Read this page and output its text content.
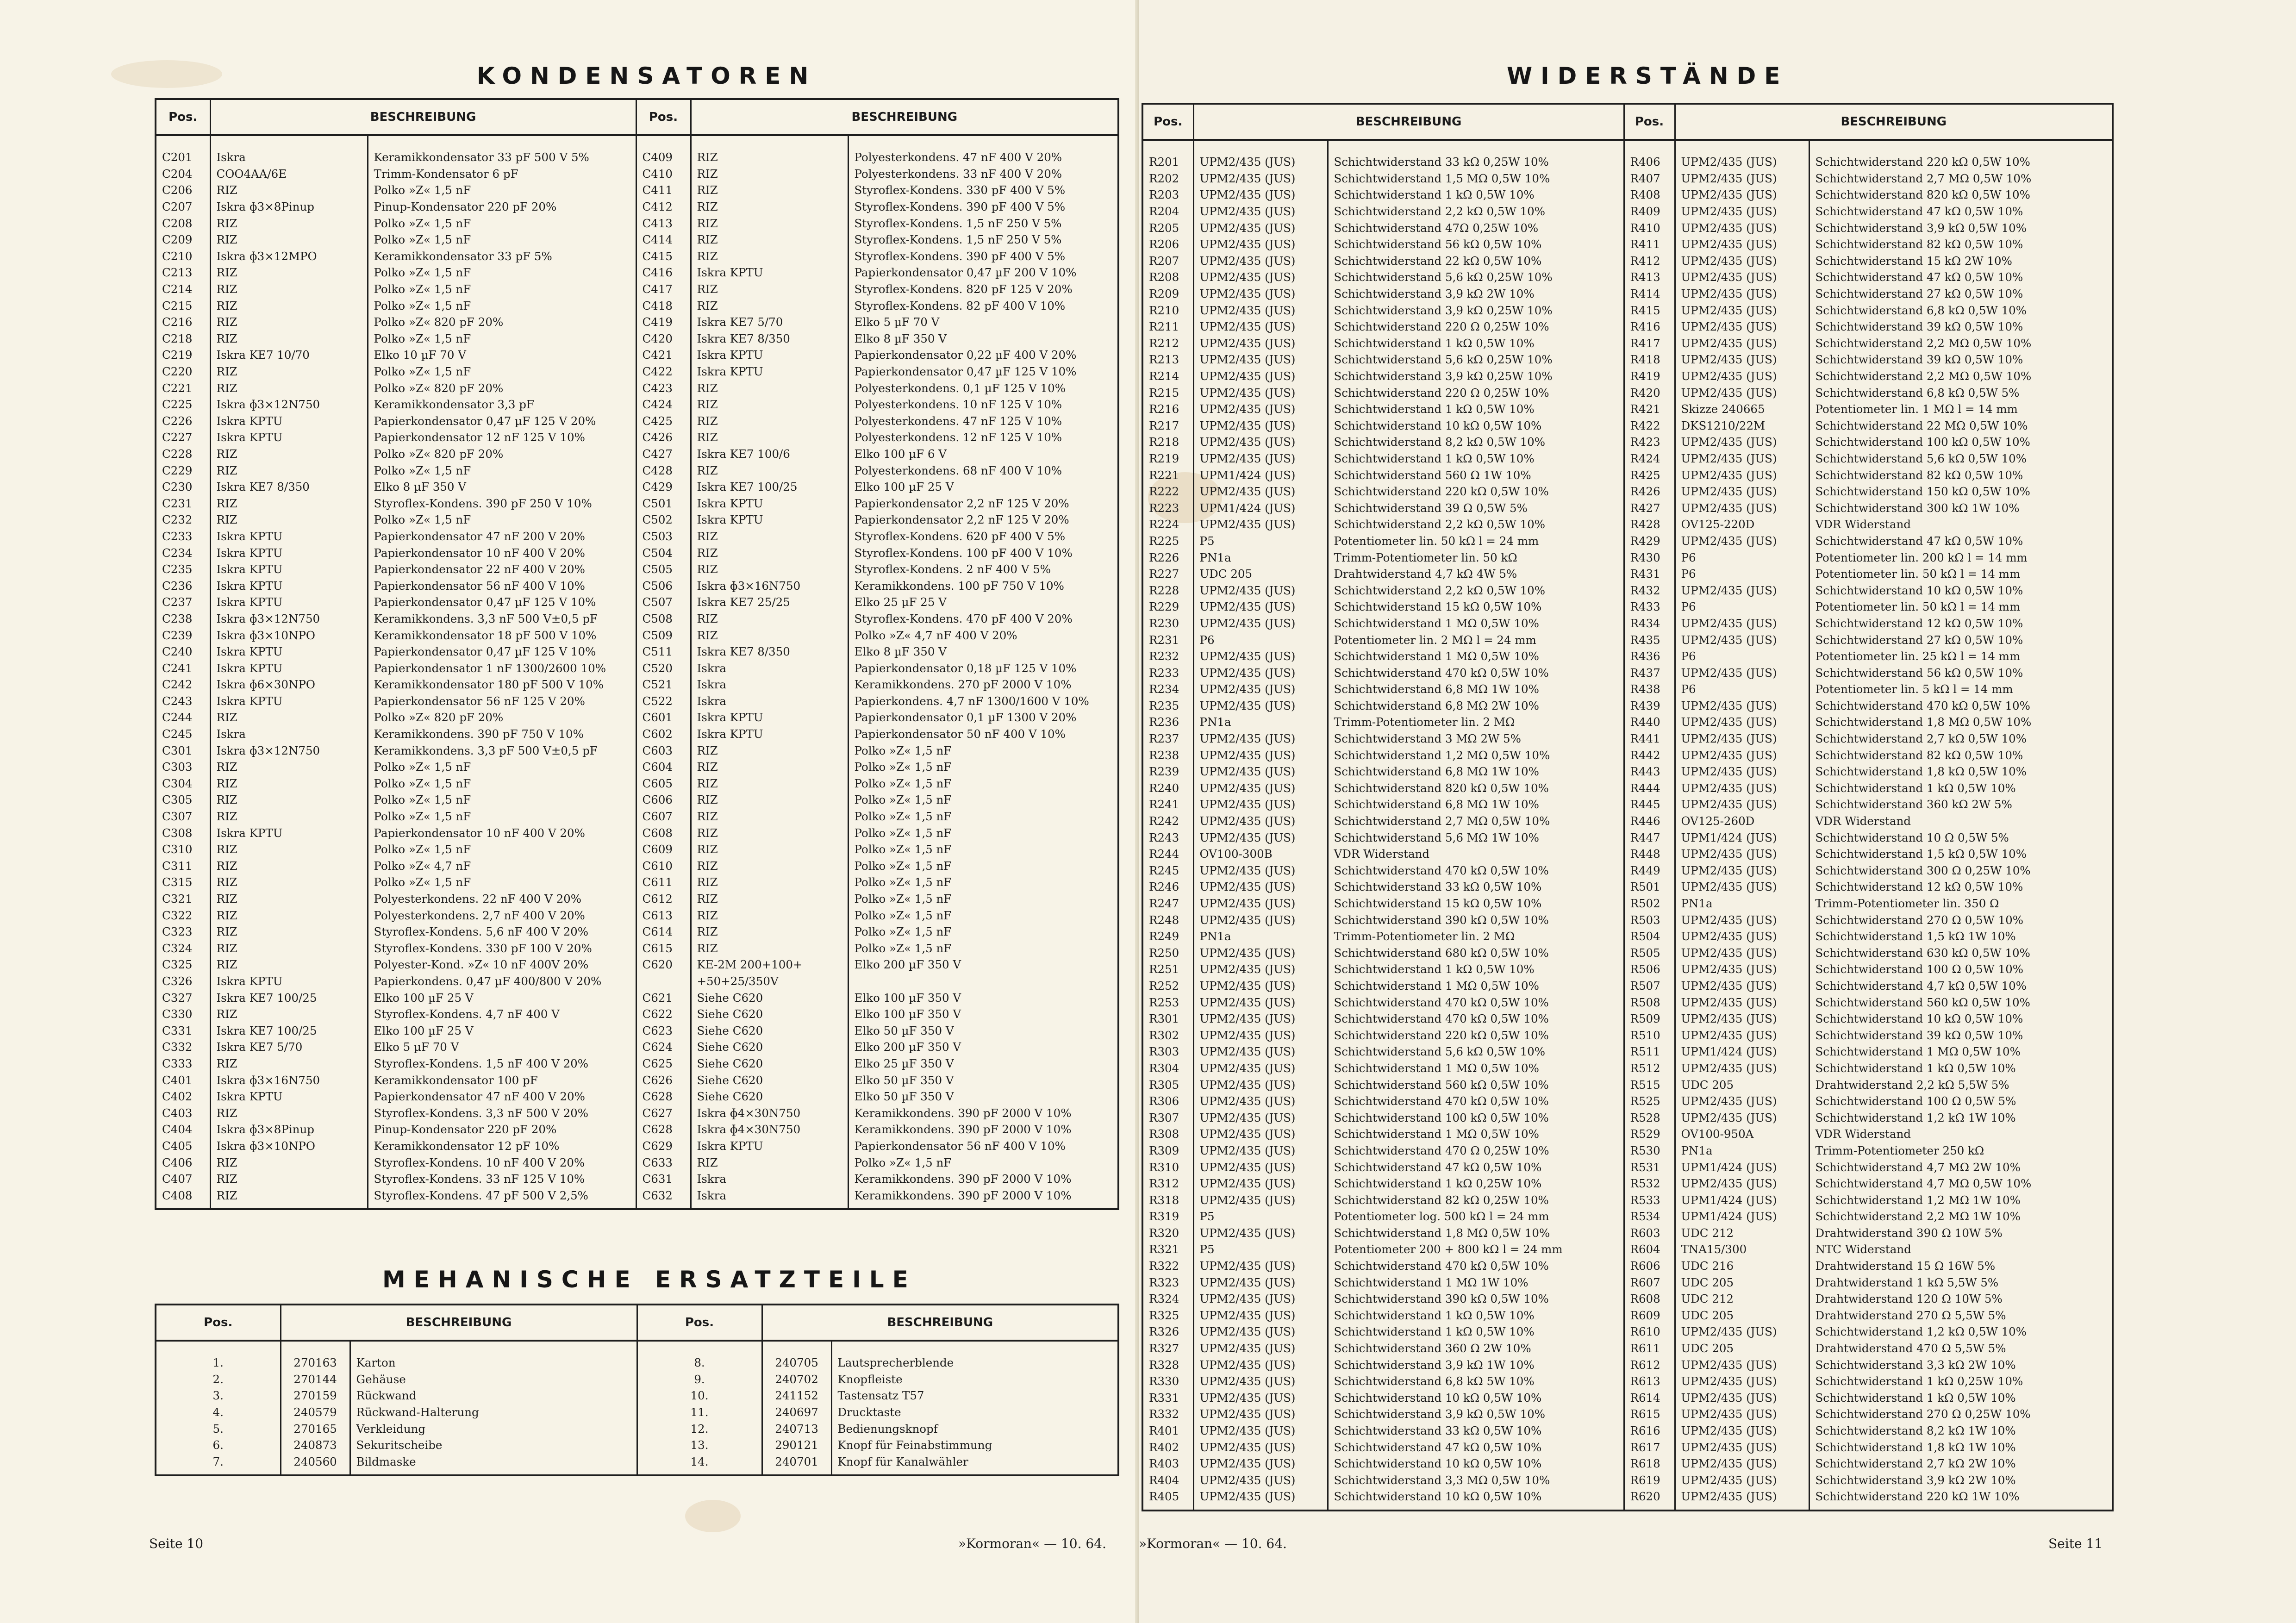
KONDENSATOREN
Pos.	BESCHREIBUNG		Pos.	BESCHREIBUNG	
C201	Iskra	Keramikkondensator 33 pF 500 V 5%	C409	RIZ	Polyesterkondens. 47 nF 400 V 20%
C204	COO4AA/6E	Trimm-Kondensator 6 pF	C410	RIZ	Polyesterkondens. 33 nF 400 V 20%
C206	RIZ	Polko »Z« 1,5 nF	C411	RIZ	Styroflex-Kondens. 330 pF 400 V 5%
C207	Iskra ɸ3×8Pinup	Pinup-Kondensator 220 pF 20%	C412	RIZ	Styroflex-Kondens. 390 pF 400 V 5%
C208	RIZ	Polko »Z« 1,5 nF	C413	RIZ	Styroflex-Kondens. 1,5 nF 250 V 5%
C209	RIZ	Polko »Z« 1,5 nF	C414	RIZ	Styroflex-Kondens. 1,5 nF 250 V 5%
C210	Iskra ɸ3×12MPO	Keramikkondensator 33 pF 5%	C415	RIZ	Styroflex-Kondens. 390 pF 400 V 5%
C213	RIZ	Polko »Z« 1,5 nF	C416	Iskra KPTU	Papierkondensator 0,47 µF 200 V 10%
C214	RIZ	Polko »Z« 1,5 nF	C417	RIZ	Styroflex-Kondens. 820 pF 125 V 20%
C215	RIZ	Polko »Z« 1,5 nF	C418	RIZ	Styroflex-Kondens. 82 pF 400 V 10%
C216	RIZ	Polko »Z« 820 pF 20%	C419	Iskra KE7 5/70	Elko 5 µF 70 V
C218	RIZ	Polko »Z« 1,5 nF	C420	Iskra KE7 8/350	Elko 8 µF 350 V
C219	Iskra KE7 10/70	Elko 10 µF 70 V	C421	Iskra KPTU	Papierkondensator 0,22 µF 400 V 20%
C220	RIZ	Polko »Z« 1,5 nF	C422	Iskra KPTU	Papierkondensator 0,47 µF 125 V 10%
C221	RIZ	Polko »Z« 820 pF 20%	C423	RIZ	Polyesterkondens. 0,1 µF 125 V 10%
C225	Iskra ɸ3×12N750	Keramikkondensator 3,3 pF	C424	RIZ	Polyesterkondens. 10 nF 125 V 10%
C226	Iskra KPTU	Papierkondensator 0,47 µF 125 V 20%	C425	RIZ	Polyesterkondens. 47 nF 125 V 10%
C227	Iskra KPTU	Papierkondensator 12 nF 125 V 10%	C426	RIZ	Polyesterkondens. 12 nF 125 V 10%
C228	RIZ	Polko »Z« 820 pF 20%	C427	Iskra KE7 100/6	Elko 100 µF 6 V
C229	RIZ	Polko »Z« 1,5 nF	C428	RIZ	Polyesterkondens. 68 nF 400 V 10%
C230	Iskra KE7 8/350	Elko 8 µF 350 V	C429	Iskra KE7 100/25	Elko 100 µF 25 V
C231	RIZ	Styroflex-Kondens. 390 pF 250 V 10%	C501	Iskra KPTU	Papierkondensator 2,2 nF 125 V 20%
C232	RIZ	Polko »Z« 1,5 nF	C502	Iskra KPTU	Papierkondensator 2,2 nF 125 V 20%
C233	Iskra KPTU	Papierkondensator 47 nF 200 V 20%	C503	RIZ	Styroflex-Kondens. 620 pF 400 V 5%
C234	Iskra KPTU	Papierkondensator 10 nF 400 V 20%	C504	RIZ	Styroflex-Kondens. 100 pF 400 V 10%
C235	Iskra KPTU	Papierkondensator 22 nF 400 V 20%	C505	RIZ	Styroflex-Kondens. 2 nF 400 V 5%
C236	Iskra KPTU	Papierkondensator 56 nF 400 V 10%	C506	Iskra ɸ3×16N750	Keramikkondens. 100 pF 750 V 10%
C237	Iskra KPTU	Papierkondensator 0,47 µF 125 V 10%	C507	Iskra KE7 25/25	Elko 25 µF 25 V
C238	Iskra ɸ3×12N750	Keramikkondens. 3,3 nF 500 V±0,5 pF	C508	RIZ	Styroflex-Kondens. 470 pF 400 V 20%
C239	Iskra ɸ3×10NPO	Keramikkondensator 18 pF 500 V 10%	C509	RIZ	Polko »Z« 4,7 nF 400 V 20%
C240	Iskra KPTU	Papierkondensator 0,47 µF 125 V 10%	C511	Iskra KE7 8/350	Elko 8 µF 350 V
C241	Iskra KPTU	Papierkondensator 1 nF 1300/2600 10%	C520	Iskra	Papierkondensator 0,18 µF 125 V 10%
C242	Iskra ɸ6×30NPO	Keramikkondensator 180 pF 500 V 10%	C521	Iskra	Keramikkondens. 270 pF 2000 V 10%
C243	Iskra KPTU	Papierkondensator 56 nF 125 V 20%	C522	Iskra	Papierkondens. 4,7 nF 1300/1600 V 10%
C244	RIZ	Polko »Z« 820 pF 20%	C601	Iskra KPTU	Papierkondensator 0,1 µF 1300 V 20%
C245	Iskra	Keramikkondens. 390 pF 750 V 10%	C602	Iskra KPTU	Papierkondensator 50 nF 400 V 10%
C301	Iskra ɸ3×12N750	Keramikkondens. 3,3 pF 500 V±0,5 pF	C603	RIZ	Polko »Z« 1,5 nF
C303	RIZ	Polko »Z« 1,5 nF	C604	RIZ	Polko »Z« 1,5 nF
C304	RIZ	Polko »Z« 1,5 nF	C605	RIZ	Polko »Z« 1,5 nF
C305	RIZ	Polko »Z« 1,5 nF	C606	RIZ	Polko »Z« 1,5 nF
C307	RIZ	Polko »Z« 1,5 nF	C607	RIZ	Polko »Z« 1,5 nF
C308	Iskra KPTU	Papierkondensator 10 nF 400 V 20%	C608	RIZ	Polko »Z« 1,5 nF
C310	RIZ	Polko »Z« 1,5 nF	C609	RIZ	Polko »Z« 1,5 nF
C311	RIZ	Polko »Z« 4,7 nF	C610	RIZ	Polko »Z« 1,5 nF
C315	RIZ	Polko »Z« 1,5 nF	C611	RIZ	Polko »Z« 1,5 nF
C321	RIZ	Polyesterkondens. 22 nF 400 V 20%	C612	RIZ	Polko »Z« 1,5 nF
C322	RIZ	Polyesterkondens. 2,7 nF 400 V 20%	C613	RIZ	Polko »Z« 1,5 nF
C323	RIZ	Styroflex-Kondens. 5,6 nF 400 V 20%	C614	RIZ	Polko »Z« 1,5 nF
C324	RIZ	Styroflex-Kondens. 330 pF 100 V 20%	C615	RIZ	Polko »Z« 1,5 nF
C325	RIZ	Polyester-Kond. »Z« 10 nF 400V 20%	C620	KE-2M 200+100+	Elko 200 µF 350 V
C326	Iskra KPTU	Papierkondens. 0,47 µF 400/800 V 20%		+50+25/350V	
C327	Iskra KE7 100/25	Elko 100 µF 25 V	C621	Siehe C620	Elko 100 µF 350 V
C330	RIZ	Styroflex-Kondens. 4,7 nF 400 V	C622	Siehe C620	Elko 100 µF 350 V
C331	Iskra KE7 100/25	Elko 100 µF 25 V	C623	Siehe C620	Elko 50 µF 350 V
C332	Iskra KE7 5/70	Elko 5 µF 70 V	C624	Siehe C620	Elko 200 µF 350 V
C333	RIZ	Styroflex-Kondens. 1,5 nF 400 V 20%	C625	Siehe C620	Elko 25 µF 350 V
C401	Iskra ɸ3×16N750	Keramikkondensator 100 pF	C626	Siehe C620	Elko 50 µF 350 V
C402	Iskra KPTU	Papierkondensator 47 nF 400 V 20%	C628	Siehe C620	Elko 50 µF 350 V
C403	RIZ	Styroflex-Kondens. 3,3 nF 500 V 20%	C627	Iskra ɸ4×30N750	Keramikkondens. 390 pF 2000 V 10%
C404	Iskra ɸ3×8Pinup	Pinup-Kondensator 220 pF 20%	C628	Iskra ɸ4×30N750	Keramikkondens. 390 pF 2000 V 10%
C405	Iskra ɸ3×10NPO	Keramikkondensator 12 pF 10%	C629	Iskra KPTU	Papierkondensator 56 nF 400 V 10%
C406	RIZ	Styroflex-Kondens. 10 nF 400 V 20%	C633	RIZ	Polko »Z« 1,5 nF
C407	RIZ	Styroflex-Kondens. 33 nF 125 V 10%	C631	Iskra	Keramikkondens. 390 pF 2000 V 10%
C408	RIZ	Styroflex-Kondens. 47 pF 500 V 2,5%	C632	Iskra	Keramikkondens. 390 pF 2000 V 10%
MEHANISCHE ERSATZTEILE
Pos.	BESCHREIBUNG		Pos.	BESCHREIBUNG	
1.	270163	Karton	8.	240705	Lautsprecherblende
2.	270144	Gehäuse	9.	240702	Knopfleiste
3.	270159	Rückwand	10.	241152	Tastensatz T57
4.	240579	Rückwand-Halterung	11.	240697	Drucktaste
5.	270165	Verkleidung	12.	240713	Bedienungsknopf
6.	240873	Sekuritscheibe	13.	290121	Knopf für Feinabstimmung
7.	240560	Bildmaske	14.	240701	Knopf für Kanalwähler
Seite 10	»Kormoran« — 10. 64.
WIDERSTÄNDE
Pos.	BESCHREIBUNG		Pos.	BESCHREIBUNG	
R201	UPM2/435 (JUS)	Schichtwiderstand 33 kΩ 0,25W 10%	R406	UPM2/435 (JUS)	Schichtwiderstand 220 kΩ 0,5W 10%
R202	UPM2/435 (JUS)	Schichtwiderstand 1,5 MΩ 0,5W 10%	R407	UPM2/435 (JUS)	Schichtwiderstand 2,7 MΩ 0,5W 10%
R203	UPM2/435 (JUS)	Schichtwiderstand 1 kΩ 0,5W 10%	R408	UPM2/435 (JUS)	Schichtwiderstand 820 kΩ 0,5W 10%
R204	UPM2/435 (JUS)	Schichtwiderstand 2,2 kΩ 0,5W 10%	R409	UPM2/435 (JUS)	Schichtwiderstand 47 kΩ 0,5W 10%
R205	UPM2/435 (JUS)	Schichtwiderstand 47Ω 0,25W 10%	R410	UPM2/435 (JUS)	Schichtwiderstand 3,9 kΩ 0,5W 10%
R206	UPM2/435 (JUS)	Schichtwiderstand 56 kΩ 0,5W 10%	R411	UPM2/435 (JUS)	Schichtwiderstand 82 kΩ 0,5W 10%
R207	UPM2/435 (JUS)	Schichtwiderstand 22 kΩ 0,5W 10%	R412	UPM2/435 (JUS)	Schichtwiderstand 15 kΩ 2W 10%
R208	UPM2/435 (JUS)	Schichtwiderstand 5,6 kΩ 0,25W 10%	R413	UPM2/435 (JUS)	Schichtwiderstand 47 kΩ 0,5W 10%
R209	UPM2/435 (JUS)	Schichtwiderstand 3,9 kΩ 2W 10%	R414	UPM2/435 (JUS)	Schichtwiderstand 27 kΩ 0,5W 10%
R210	UPM2/435 (JUS)	Schichtwiderstand 3,9 kΩ 0,25W 10%	R415	UPM2/435 (JUS)	Schichtwiderstand 6,8 kΩ 0,5W 10%
R211	UPM2/435 (JUS)	Schichtwiderstand 220 Ω 0,25W 10%	R416	UPM2/435 (JUS)	Schichtwiderstand 39 kΩ 0,5W 10%
R212	UPM2/435 (JUS)	Schichtwiderstand 1 kΩ 0,5W 10%	R417	UPM2/435 (JUS)	Schichtwiderstand 2,2 MΩ 0,5W 10%
R213	UPM2/435 (JUS)	Schichtwiderstand 5,6 kΩ 0,25W 10%	R418	UPM2/435 (JUS)	Schichtwiderstand 39 kΩ 0,5W 10%
R214	UPM2/435 (JUS)	Schichtwiderstand 3,9 kΩ 0,25W 10%	R419	UPM2/435 (JUS)	Schichtwiderstand 2,2 MΩ 0,5W 10%
R215	UPM2/435 (JUS)	Schichtwiderstand 220 Ω 0,25W 10%	R420	UPM2/435 (JUS)	Schichtwiderstand 6,8 kΩ 0,5W 5%
R216	UPM2/435 (JUS)	Schichtwiderstand 1 kΩ 0,5W 10%	R421	Skizze 240665	Potentiometer lin. 1 MΩ l = 14 mm
R217	UPM2/435 (JUS)	Schichtwiderstand 10 kΩ 0,5W 10%	R422	DKS1210/22M	Schichtwiderstand 22 MΩ 0,5W 10%
R218	UPM2/435 (JUS)	Schichtwiderstand 8,2 kΩ 0,5W 10%	R423	UPM2/435 (JUS)	Schichtwiderstand 100 kΩ 0,5W 10%
R219	UPM2/435 (JUS)	Schichtwiderstand 1 kΩ 0,5W 10%	R424	UPM2/435 (JUS)	Schichtwiderstand 5,6 kΩ 0,5W 10%
R221	UPM1/424 (JUS)	Schichtwiderstand 560 Ω 1W 10%	R425	UPM2/435 (JUS)	Schichtwiderstand 82 kΩ 0,5W 10%
R222	UPM2/435 (JUS)	Schichtwiderstand 220 kΩ 0,5W 10%	R426	UPM2/435 (JUS)	Schichtwiderstand 150 kΩ 0,5W 10%
R223	UPM1/424 (JUS)	Schichtwiderstand 39 Ω 0,5W 5%	R427	UPM2/435 (JUS)	Schichtwiderstand 300 kΩ 1W 10%
R224	UPM2/435 (JUS)	Schichtwiderstand 2,2 kΩ 0,5W 10%	R428	OV125-220D	VDR Widerstand
R225	P5	Potentiometer lin. 50 kΩ l = 24 mm	R429	UPM2/435 (JUS)	Schichtwiderstand 47 kΩ 0,5W 10%
R226	PN1a	Trimm-Potentiometer lin. 50 kΩ	R430	P6	Potentiometer lin. 200 kΩ l = 14 mm
R227	UDC 205	Drahtwiderstand 4,7 kΩ 4W 5%	R431	P6	Potentiometer lin. 50 kΩ l = 14 mm
R228	UPM2/435 (JUS)	Schichtwiderstand 2,2 kΩ 0,5W 10%	R432	UPM2/435 (JUS)	Schichtwiderstand 10 kΩ 0,5W 10%
R229	UPM2/435 (JUS)	Schichtwiderstand 15 kΩ 0,5W 10%	R433	P6	Potentiometer lin. 50 kΩ l = 14 mm
R230	UPM2/435 (JUS)	Schichtwiderstand 1 MΩ 0,5W 10%	R434	UPM2/435 (JUS)	Schichtwiderstand 12 kΩ 0,5W 10%
R231	P6	Potentiometer lin. 2 MΩ l = 24 mm	R435	UPM2/435 (JUS)	Schichtwiderstand 27 kΩ 0,5W 10%
R232	UPM2/435 (JUS)	Schichtwiderstand 1 MΩ 0,5W 10%	R436	P6	Potentiometer lin. 25 kΩ l = 14 mm
R233	UPM2/435 (JUS)	Schichtwiderstand 470 kΩ 0,5W 10%	R437	UPM2/435 (JUS)	Schichtwiderstand 56 kΩ 0,5W 10%
R234	UPM2/435 (JUS)	Schichtwiderstand 6,8 MΩ 1W 10%	R438	P6	Potentiometer lin. 5 kΩ l = 14 mm
R235	UPM2/435 (JUS)	Schichtwiderstand 6,8 MΩ 2W 10%	R439	UPM2/435 (JUS)	Schichtwiderstand 470 kΩ 0,5W 10%
R236	PN1a	Trimm-Potentiometer lin. 2 MΩ	R440	UPM2/435 (JUS)	Schichtwiderstand 1,8 MΩ 0,5W 10%
R237	UPM2/435 (JUS)	Schichtwiderstand 3 MΩ 2W 5%	R441	UPM2/435 (JUS)	Schichtwiderstand 2,7 kΩ 0,5W 10%
R238	UPM2/435 (JUS)	Schichtwiderstand 1,2 MΩ 0,5W 10%	R442	UPM2/435 (JUS)	Schichtwiderstand 82 kΩ 0,5W 10%
R239	UPM2/435 (JUS)	Schichtwiderstand 6,8 MΩ 1W 10%	R443	UPM2/435 (JUS)	Schichtwiderstand 1,8 kΩ 0,5W 10%
R240	UPM2/435 (JUS)	Schichtwiderstand 820 kΩ 0,5W 10%	R444	UPM2/435 (JUS)	Schichtwiderstand 1 kΩ 0,5W 10%
R241	UPM2/435 (JUS)	Schichtwiderstand 6,8 MΩ 1W 10%	R445	UPM2/435 (JUS)	Schichtwiderstand 360 kΩ 2W 5%
R242	UPM2/435 (JUS)	Schichtwiderstand 2,7 MΩ 0,5W 10%	R446	OV125-260D	VDR Widerstand
R243	UPM2/435 (JUS)	Schichtwiderstand 5,6 MΩ 1W 10%	R447	UPM1/424 (JUS)	Schichtwiderstand 10 Ω 0,5W 5%
R244	OV100-300B	VDR Widerstand	R448	UPM2/435 (JUS)	Schichtwiderstand 1,5 kΩ 0,5W 10%
R245	UPM2/435 (JUS)	Schichtwiderstand 470 kΩ 0,5W 10%	R449	UPM2/435 (JUS)	Schichtwiderstand 300 Ω 0,25W 10%
R246	UPM2/435 (JUS)	Schichtwiderstand 33 kΩ 0,5W 10%	R501	UPM2/435 (JUS)	Schichtwiderstand 12 kΩ 0,5W 10%
R247	UPM2/435 (JUS)	Schichtwiderstand 15 kΩ 0,5W 10%	R502	PN1a	Trimm-Potentiometer lin. 350 Ω
R248	UPM2/435 (JUS)	Schichtwiderstand 390 kΩ 0,5W 10%	R503	UPM2/435 (JUS)	Schichtwiderstand 270 Ω 0,5W 10%
R249	PN1a	Trimm-Potentiometer lin. 2 MΩ	R504	UPM2/435 (JUS)	Schichtwiderstand 1,5 kΩ 1W 10%
R250	UPM2/435 (JUS)	Schichtwiderstand 680 kΩ 0,5W 10%	R505	UPM2/435 (JUS)	Schichtwiderstand 630 kΩ 0,5W 10%
R251	UPM2/435 (JUS)	Schichtwiderstand 1 kΩ 0,5W 10%	R506	UPM2/435 (JUS)	Schichtwiderstand 100 Ω 0,5W 10%
R252	UPM2/435 (JUS)	Schichtwiderstand 1 MΩ 0,5W 10%	R507	UPM2/435 (JUS)	Schichtwiderstand 4,7 kΩ 0,5W 10%
R253	UPM2/435 (JUS)	Schichtwiderstand 470 kΩ 0,5W 10%	R508	UPM2/435 (JUS)	Schichtwiderstand 560 kΩ 0,5W 10%
R301	UPM2/435 (JUS)	Schichtwiderstand 470 kΩ 0,5W 10%	R509	UPM2/435 (JUS)	Schichtwiderstand 10 kΩ 0,5W 10%
R302	UPM2/435 (JUS)	Schichtwiderstand 220 kΩ 0,5W 10%	R510	UPM2/435 (JUS)	Schichtwiderstand 39 kΩ 0,5W 10%
R303	UPM2/435 (JUS)	Schichtwiderstand 5,6 kΩ 0,5W 10%	R511	UPM1/424 (JUS)	Schichtwiderstand 1 MΩ 0,5W 10%
R304	UPM2/435 (JUS)	Schichtwiderstand 1 MΩ 0,5W 10%	R512	UPM2/435 (JUS)	Schichtwiderstand 1 kΩ 0,5W 10%
R305	UPM2/435 (JUS)	Schichtwiderstand 560 kΩ 0,5W 10%	R515	UDC 205	Drahtwiderstand 2,2 kΩ 5,5W 5%
R306	UPM2/435 (JUS)	Schichtwiderstand 470 kΩ 0,5W 10%	R525	UPM2/435 (JUS)	Schichtwiderstand 100 Ω 0,5W 5%
R307	UPM2/435 (JUS)	Schichtwiderstand 100 kΩ 0,5W 10%	R528	UPM2/435 (JUS)	Schichtwiderstand 1,2 kΩ 1W 10%
R308	UPM2/435 (JUS)	Schichtwiderstand 1 MΩ 0,5W 10%	R529	OV100-950A	VDR Widerstand
R309	UPM2/435 (JUS)	Schichtwiderstand 470 Ω 0,25W 10%	R530	PN1a	Trimm-Potentiometer 250 kΩ
R310	UPM2/435 (JUS)	Schichtwiderstand 47 kΩ 0,5W 10%	R531	UPM1/424 (JUS)	Schichtwiderstand 4,7 MΩ 2W 10%
R312	UPM2/435 (JUS)	Schichtwiderstand 1 kΩ 0,25W 10%	R532	UPM2/435 (JUS)	Schichtwiderstand 4,7 MΩ 0,5W 10%
R318	UPM2/435 (JUS)	Schichtwiderstand 82 kΩ 0,25W 10%	R533	UPM1/424 (JUS)	Schichtwiderstand 1,2 MΩ 1W 10%
R319	P5	Potentiometer log. 500 kΩ l = 24 mm	R534	UPM1/424 (JUS)	Schichtwiderstand 2,2 MΩ 1W 10%
R320	UPM2/435 (JUS)	Schichtwiderstand 1,8 MΩ 0,5W 10%	R603	UDC 212	Drahtwiderstand 390 Ω 10W 5%
R321	P5	Potentiometer 200 + 800 kΩ l = 24 mm	R604	TNA15/300	NTC Widerstand
R322	UPM2/435 (JUS)	Schichtwiderstand 470 kΩ 0,5W 10%	R606	UDC 216	Drahtwiderstand 15 Ω 16W 5%
R323	UPM2/435 (JUS)	Schichtwiderstand 1 MΩ 1W 10%	R607	UDC 205	Drahtwiderstand 1 kΩ 5,5W 5%
R324	UPM2/435 (JUS)	Schichtwiderstand 390 kΩ 0,5W 10%	R608	UDC 212	Drahtwiderstand 120 Ω 10W 5%
R325	UPM2/435 (JUS)	Schichtwiderstand 1 kΩ 0,5W 10%	R609	UDC 205	Drahtwiderstand 270 Ω 5,5W 5%
R326	UPM2/435 (JUS)	Schichtwiderstand 1 kΩ 0,5W 10%	R610	UPM2/435 (JUS)	Schichtwiderstand 1,2 kΩ 0,5W 10%
R327	UPM2/435 (JUS)	Schichtwiderstand 360 Ω 2W 10%	R611	UDC 205	Drahtwiderstand 470 Ω 5,5W 5%
R328	UPM2/435 (JUS)	Schichtwiderstand 3,9 kΩ 1W 10%	R612	UPM2/435 (JUS)	Schichtwiderstand 3,3 kΩ 2W 10%
R330	UPM2/435 (JUS)	Schichtwiderstand 6,8 kΩ 5W 10%	R613	UPM2/435 (JUS)	Schichtwiderstand 1 kΩ 0,25W 10%
R331	UPM2/435 (JUS)	Schichtwiderstand 10 kΩ 0,5W 10%	R614	UPM2/435 (JUS)	Schichtwiderstand 1 kΩ 0,5W 10%
R332	UPM2/435 (JUS)	Schichtwiderstand 3,9 kΩ 0,5W 10%	R615	UPM2/435 (JUS)	Schichtwiderstand 270 Ω 0,25W 10%
R401	UPM2/435 (JUS)	Schichtwiderstand 33 kΩ 0,5W 10%	R616	UPM2/435 (JUS)	Schichtwiderstand 8,2 kΩ 1W 10%
R402	UPM2/435 (JUS)	Schichtwiderstand 47 kΩ 0,5W 10%	R617	UPM2/435 (JUS)	Schichtwiderstand 1,8 kΩ 1W 10%
R403	UPM2/435 (JUS)	Schichtwiderstand 10 kΩ 0,5W 10%	R618	UPM2/435 (JUS)	Schichtwiderstand 2,7 kΩ 2W 10%
R404	UPM2/435 (JUS)	Schichtwiderstand 3,3 MΩ 0,5W 10%	R619	UPM2/435 (JUS)	Schichtwiderstand 3,9 kΩ 2W 10%
R405	UPM2/435 (JUS)	Schichtwiderstand 10 kΩ 0,5W 10%	R620	UPM2/435 (JUS)	Schichtwiderstand 220 kΩ 1W 10%
»Kormoran« — 10. 64.	Seite 11
